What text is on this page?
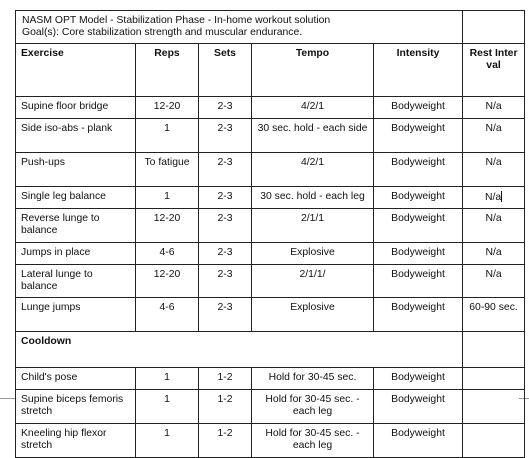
NASM OPT Model - Stabilization Phase - In-home workout solution
Goal(s): Core stabilization strength and muscular endurance.					

Exercise	Reps	Sets	Tempo	Intensity	Rest Interval
Supine floor bridge	12-20	2-3	4/2/1	Bodyweight	N/a
Side iso-abs - plank	1	2-3	30 sec. hold - each side	Bodyweight	N/a
Push-ups	To fatigue	2-3	4/2/1	Bodyweight	N/a
Single leg balance	1	2-3	30 sec. hold - each leg	Bodyweight	N/a
Reverse lunge to balance	12-20	2-3	2/1/1	Bodyweight	N/a
Jumps in place	4-6	2-3	Explosive	Bodyweight	N/a
Lateral lunge to balance	12-20	2-3	2/1/1/	Bodyweight	N/a
Lunge jumps	4-6	2-3	Explosive	Bodyweight	60-90 sec.
Cooldown					
Child's pose	1	1-2	Hold for 30-45 sec.	Bodyweight	
Supine biceps femoris stretch	1	1-2	Hold for 30-45 sec. - each leg	Bodyweight	
Kneeling hip flexor stretch	1	1-2	Hold for 30-45 sec. - each leg	Bodyweight	
